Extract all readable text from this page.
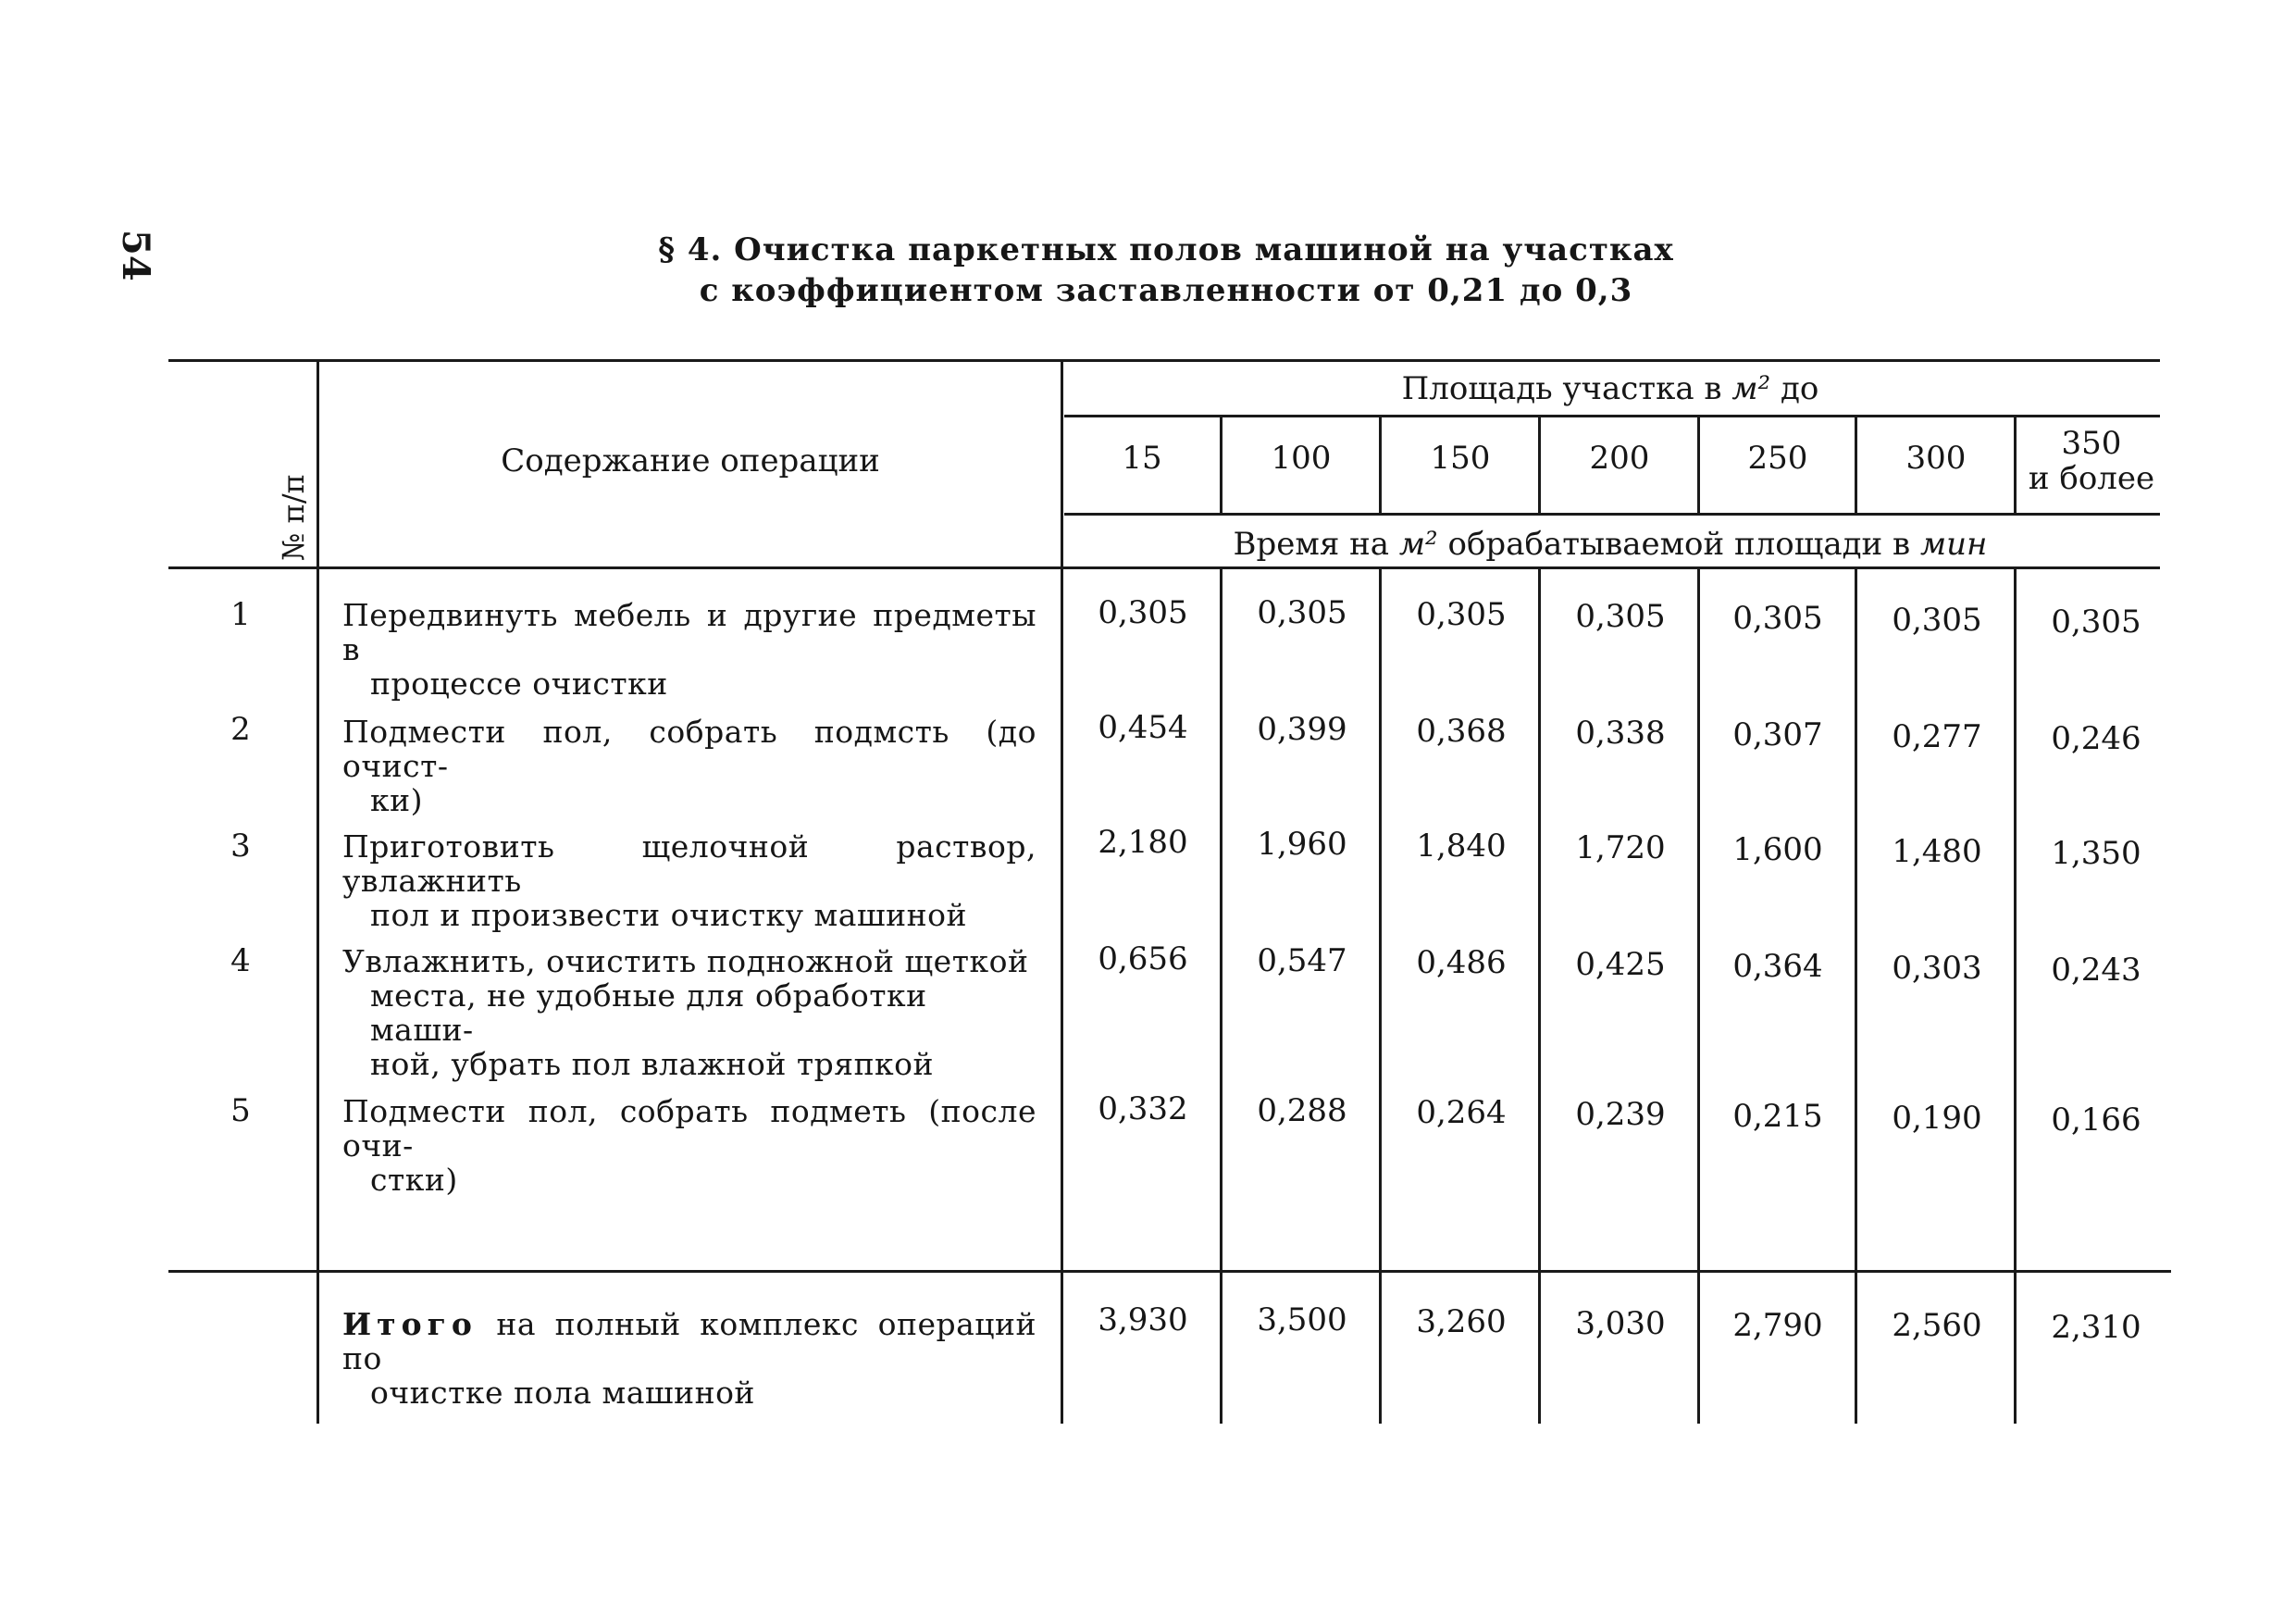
54	§ 4. Очистка паркетных полов машиной на участках
с коэффициентом заставленности от 0,21 до 0,3
№ п/п
Содержание операции
Площадь участка в м² до
15	100	150	200	250	300	350
и более
Время на м² обрабатываемой площади в мин
1	Передвинуть мебель и другие предметы в
процессе очистки
0,305	0,305	0,305	0,305	0,305	0,305	0,305
2	Подмести пол, собрать подмсть (до очист-
ки)
0,454	0,399	0,368	0,338	0,307	0,277	0,246
3	Приготовить щелочной раствор, увлажнить
пол и произвести очистку машиной
2,180	1,960	1,840	1,720	1,600	1,480	1,350
4	Увлажнить, очистить подножной щеткой
места, не удобные для обработки маши-
ной, убрать пол влажной тряпкой
0,656	0,547	0,486	0,425	0,364	0,303	0,243
5	Подмести пол, собрать подметь (после очи-
стки)
0,332	0,288	0,264	0,239	0,215	0,190	0,166
Итого на полный комплекс операций по
очистке пола машиной
3,930	3,500	3,260	3,030	2,790	2,560	2,310
